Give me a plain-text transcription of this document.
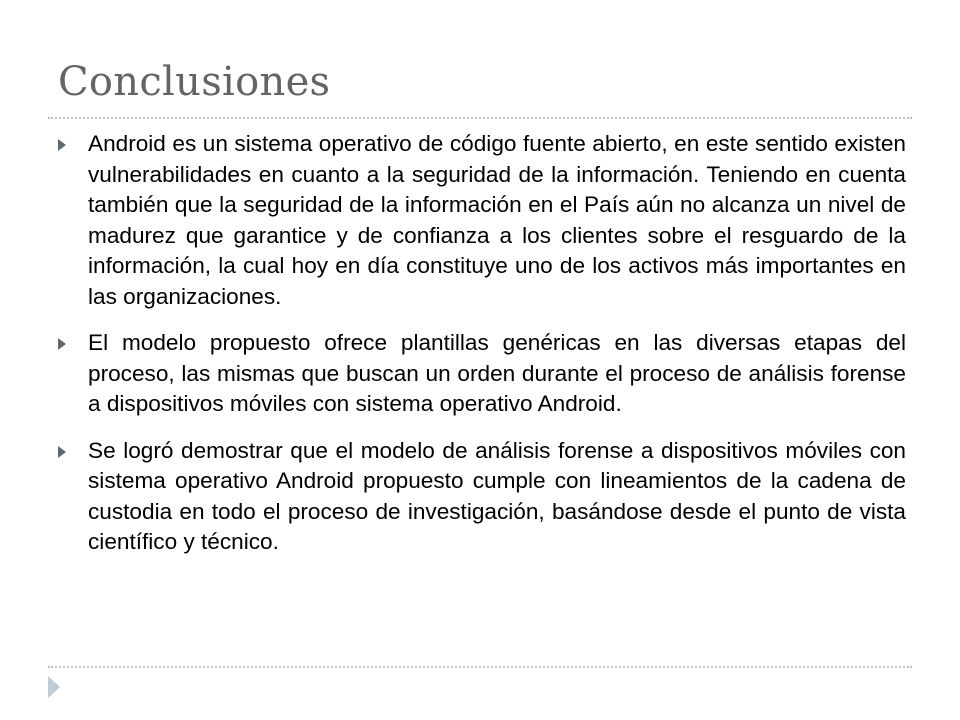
Conclusiones
Android es un sistema operativo de código fuente abierto, en este sentido existen vulnerabilidades en cuanto a la seguridad de la información. Teniendo en cuenta también que la seguridad de la información en el País aún no alcanza un nivel de madurez que garantice y de confianza a los clientes sobre el resguardo de la información, la cual hoy en día constituye uno de los activos más importantes en las organizaciones.
El modelo propuesto ofrece plantillas genéricas en las diversas etapas del proceso, las mismas que buscan un orden durante el proceso de análisis forense a dispositivos móviles con sistema operativo Android.
Se logró demostrar que el modelo de análisis forense a dispositivos móviles con sistema operativo Android propuesto cumple con lineamientos de la cadena de custodia en todo el proceso de investigación, basándose desde el punto de vista científico y técnico.
